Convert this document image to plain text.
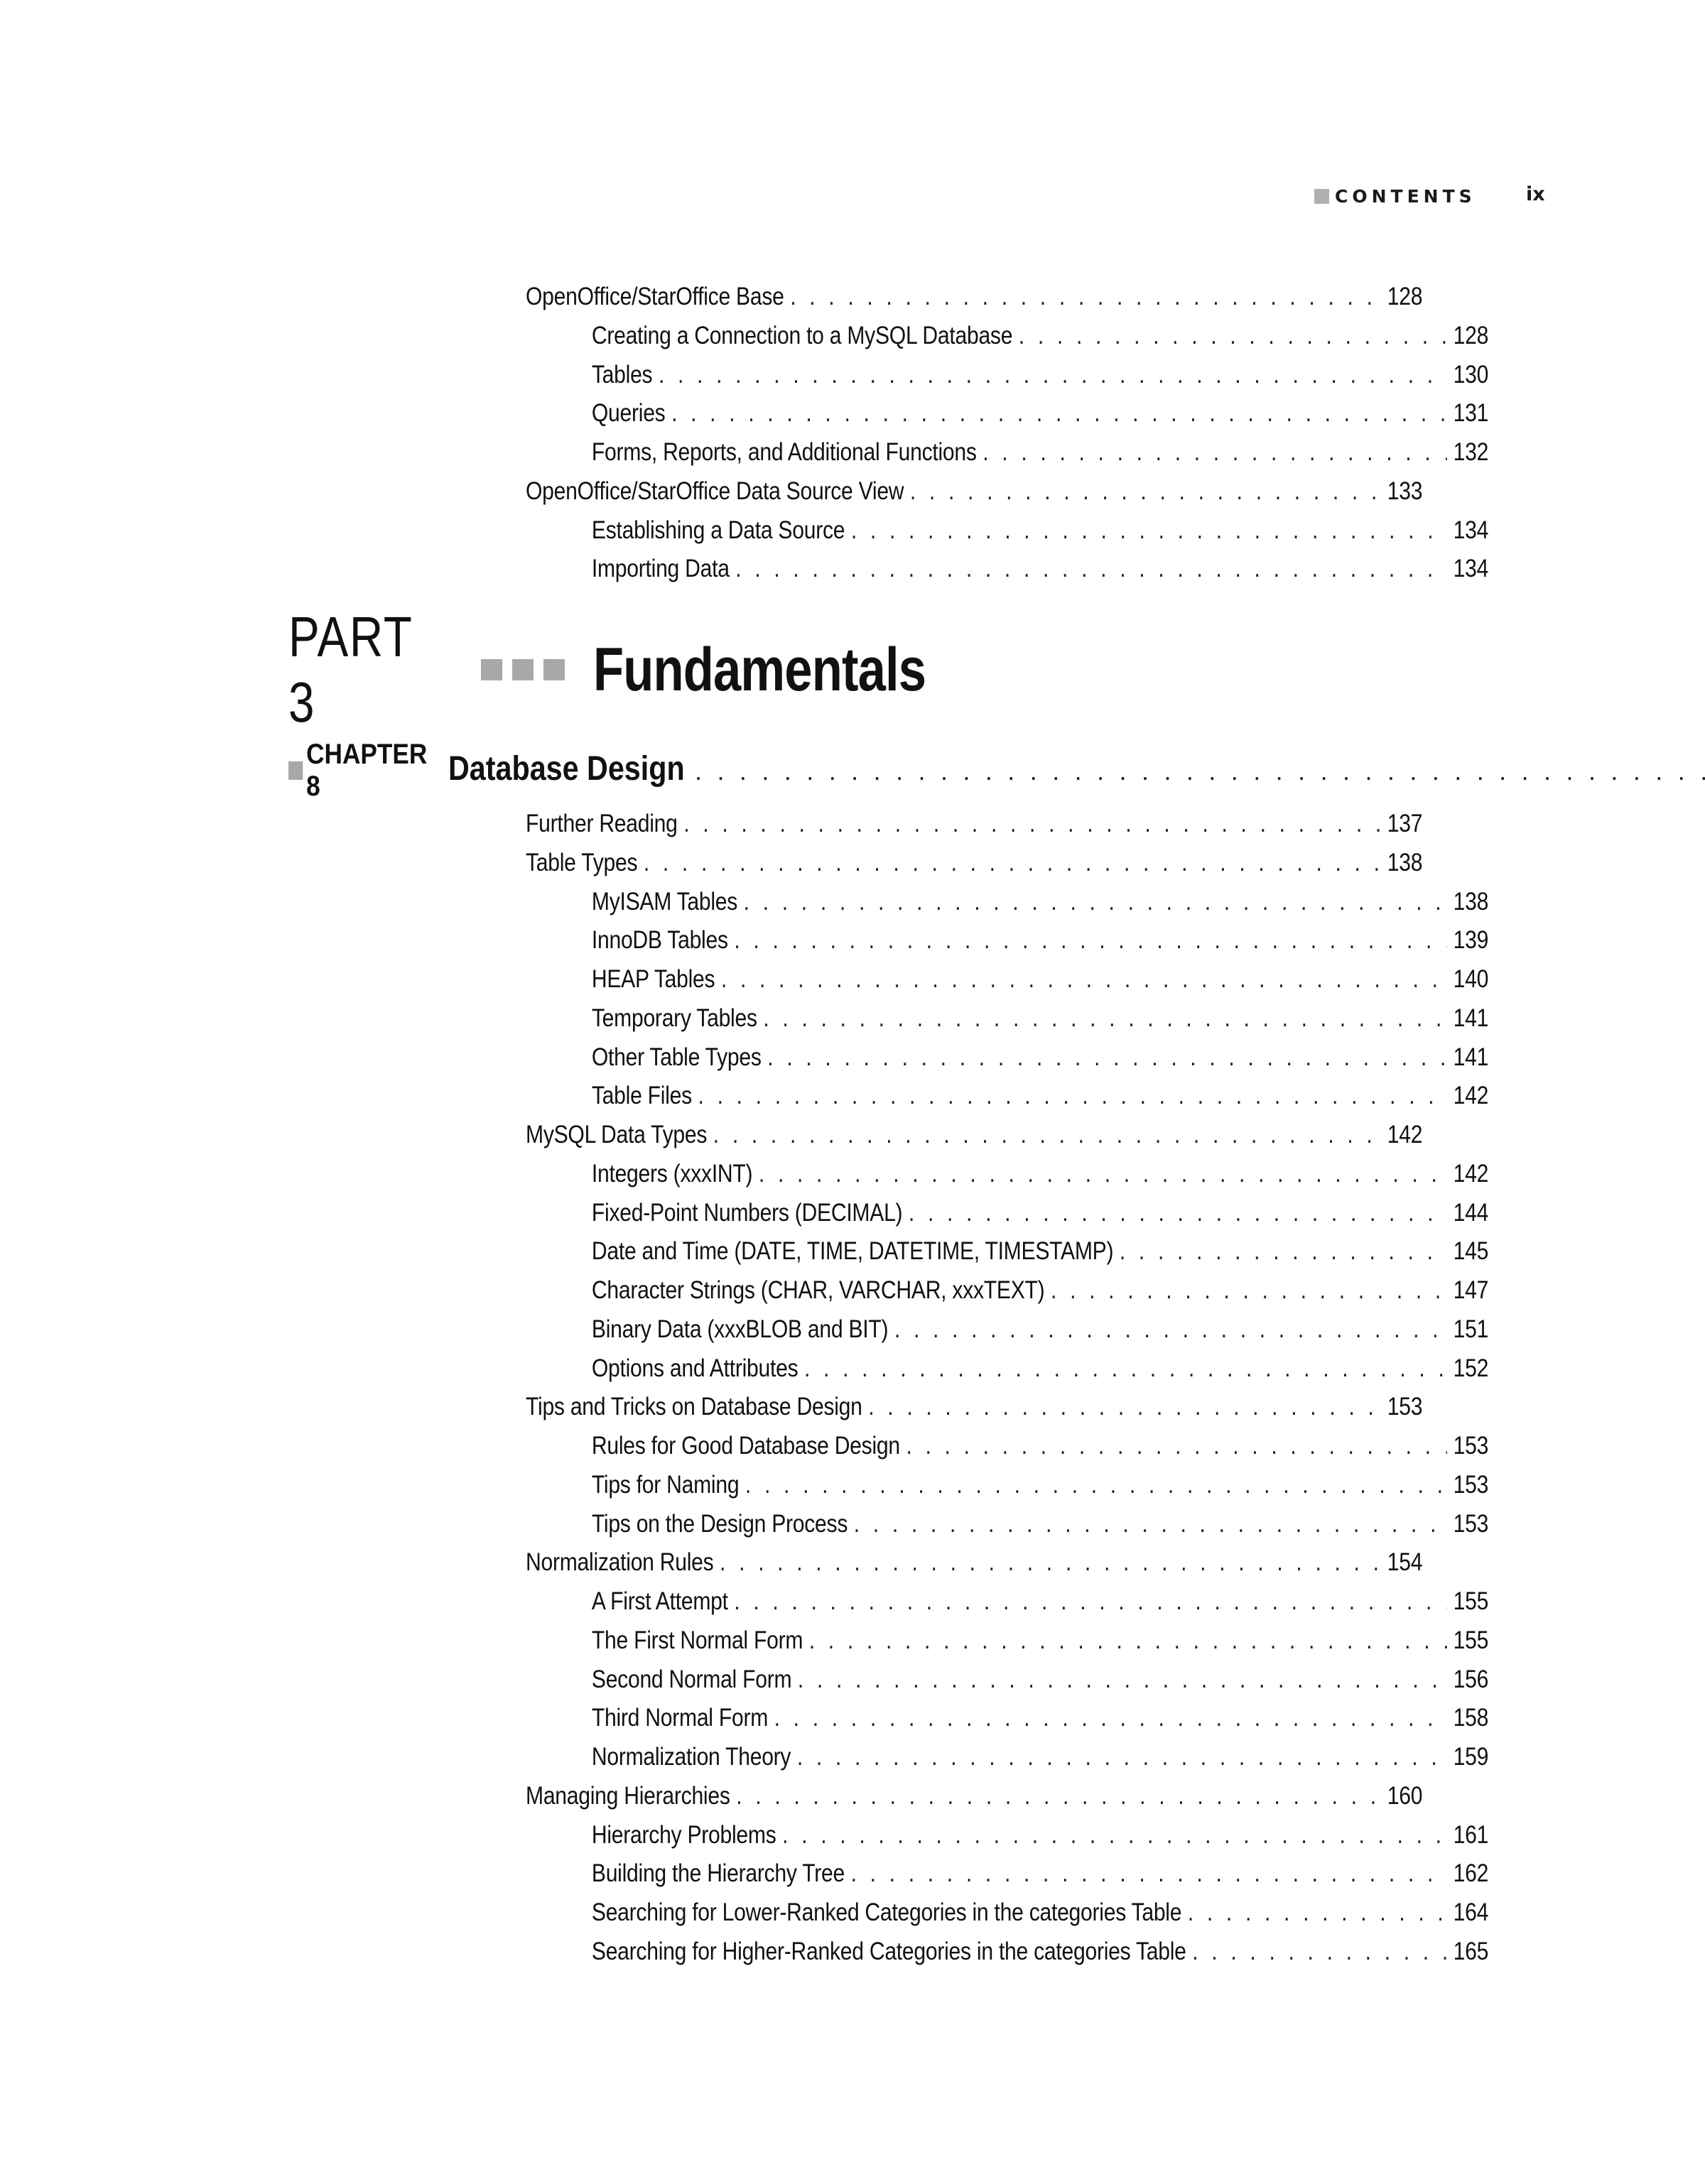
CONTENTS	ix
OpenOffice/StarOffice Base . . .	128
Creating a Connection to a MySQL Database . . .	128
Tables . . .	130
Queries . . .	131
Forms, Reports, and Additional Functions . . .	132
OpenOffice/StarOffice Data Source View . . .	133
Establishing a Data Source . . .	134
Importing Data . . .	134
PART 3	Fundamentals
CHAPTER 8	Database Design
. . .
Further Reading . . .	137
Table Types . . .	138
MyISAM Tables . . .	138
InnoDB Tables . . .	139
HEAP Tables . . .	140
Temporary Tables . . .	141
Other Table Types . . .	141
Table Files . . .	142
MySQL Data Types . . .	142
Integers (xxxINT) . . .	142
Fixed-Point Numbers (DECIMAL) . . .	144
Date and Time (DATE, TIME, DATETIME, TIMESTAMP) . . .	145
Character Strings (CHAR, VARCHAR, xxxTEXT) . . .	147
Binary Data (xxxBLOB and BIT) . . .	151
Options and Attributes . . .	152
Tips and Tricks on Database Design . . .	153
Rules for Good Database Design . . .	153
Tips for Naming . . .	153
Tips on the Design Process . . .	153
Normalization Rules . . .	154
A First Attempt . . .	155
The First Normal Form . . .	155
Second Normal Form . . .	156
Third Normal Form . . .	158
Normalization Theory . . .	159
Managing Hierarchies . . .	160
Hierarchy Problems . . .	161
Building the Hierarchy Tree . . .	162
Searching for Lower-Ranked Categories in the categories Table . . .	164
Searching for Higher-Ranked Categories in the categories Table . . .	165
